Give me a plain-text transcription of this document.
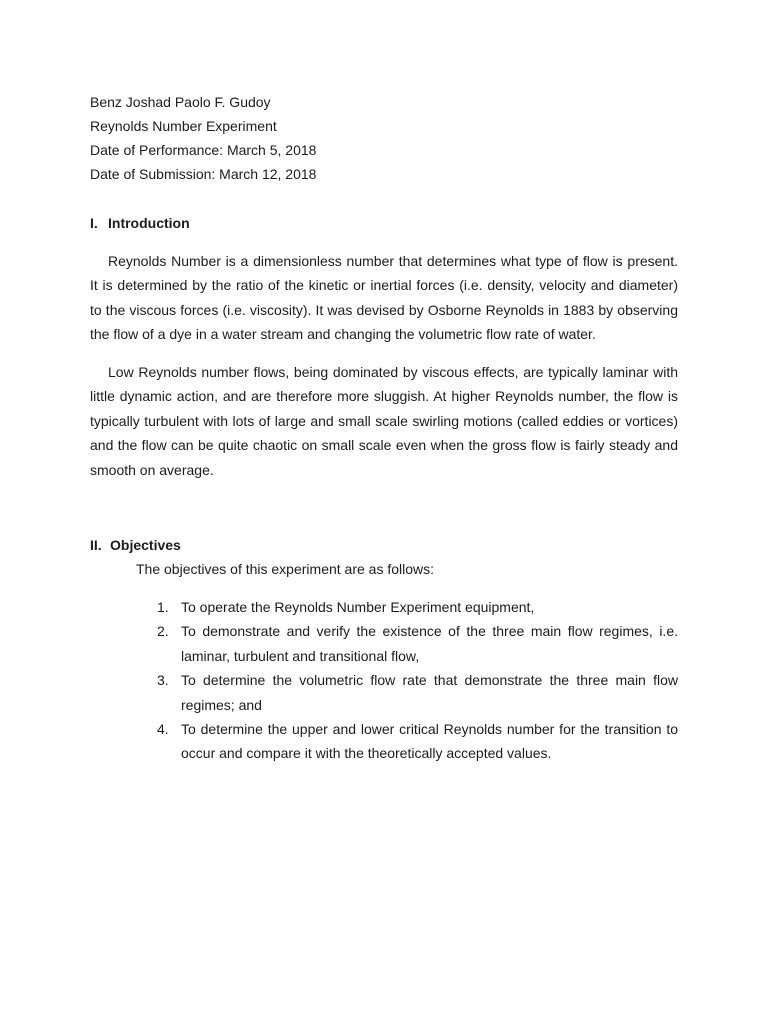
Benz Joshad Paolo F. Gudoy
Reynolds Number Experiment
Date of Performance: March 5, 2018
Date of Submission: March 12, 2018
I. Introduction

Reynolds Number is a dimensionless number that determines what type of flow is present. It is determined by the ratio of the kinetic or inertial forces (i.e. density, velocity and diameter) to the viscous forces (i.e. viscosity). It was devised by Osborne Reynolds in 1883 by observing the flow of a dye in a water stream and changing the volumetric flow rate of water.

Low Reynolds number flows, being dominated by viscous effects, are typically laminar with little dynamic action, and are therefore more sluggish. At higher Reynolds number, the flow is typically turbulent with lots of large and small scale swirling motions (called eddies or vortices) and the flow can be quite chaotic on small scale even when the gross flow is fairly steady and smooth on average.

II. Objectives
The objectives of this experiment are as follows:
1. To operate the Reynolds Number Experiment equipment,
2. To demonstrate and verify the existence of the three main flow regimes, i.e. laminar, turbulent and transitional flow,
3. To determine the volumetric flow rate that demonstrate the three main flow regimes; and
4. To determine the upper and lower critical Reynolds number for the transition to occur and compare it with the theoretically accepted values.
